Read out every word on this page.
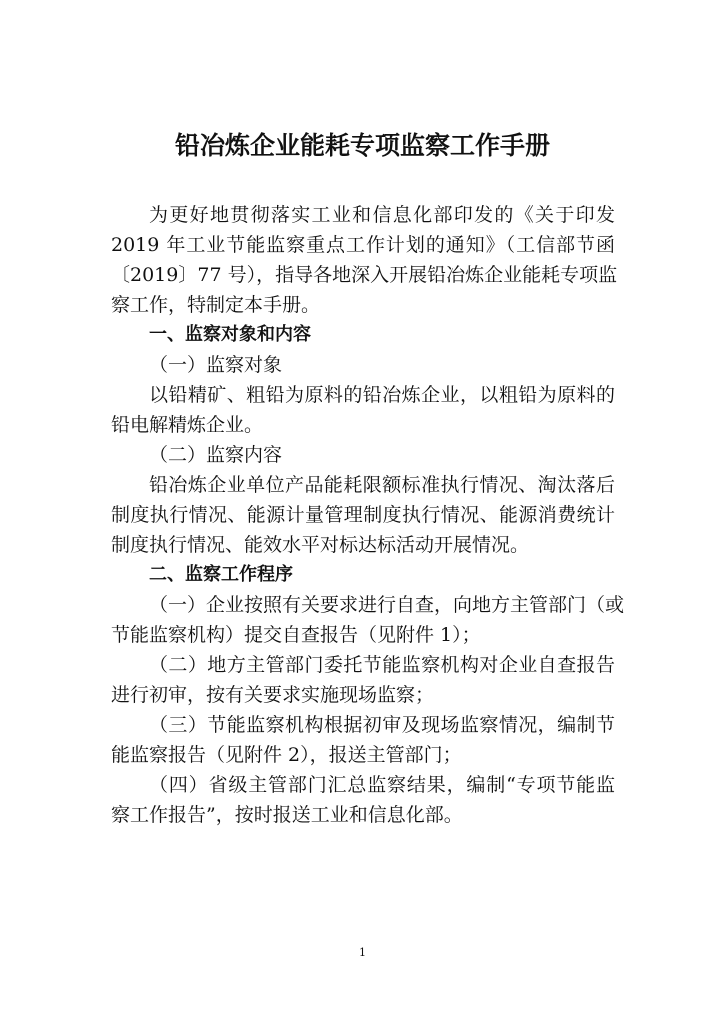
铅冶炼企业能耗专项监察工作手册
为更好地贯彻落实工业和信息化部印发的《关于印发
2019 年工业节能监察重点工作计划的通知》（工信部节函
〔2019〕77 号），指导各地深入开展铅冶炼企业能耗专项监
察工作，特制定本手册。
一、监察对象和内容
（一）监察对象
以铅精矿、粗铅为原料的铅冶炼企业，以粗铅为原料的
铅电解精炼企业。
（二）监察内容
铅冶炼企业单位产品能耗限额标准执行情况、淘汰落后
制度执行情况、能源计量管理制度执行情况、能源消费统计
制度执行情况、能效水平对标达标活动开展情况。
二、监察工作程序
（一）企业按照有关要求进行自查，向地方主管部门（或
节能监察机构）提交自查报告（见附件 1）；
（二）地方主管部门委托节能监察机构对企业自查报告
进行初审，按有关要求实施现场监察；
（三）节能监察机构根据初审及现场监察情况，编制节
能监察报告（见附件 2），报送主管部门；
（四）省级主管部门汇总监察结果，编制“专项节能监
察工作报告”，按时报送工业和信息化部。
1
